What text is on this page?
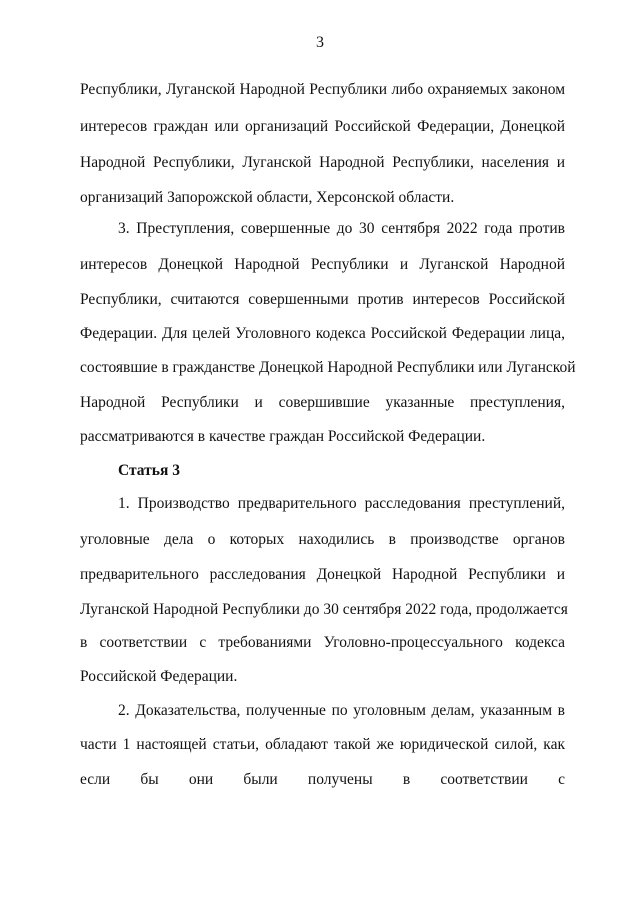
3
Республики, Луганской Народной Республики либо охраняемых законом
интересов граждан или организаций Российской Федерации, Донецкой
Народной Республики, Луганской Народной Республики, населения и
организаций Запорожской области, Херсонской области.
3. Преступления, совершенные до 30 сентября 2022 года против
интересов Донецкой Народной Республики и Луганской Народной
Республики, считаются совершенными против интересов Российской
Федерации. Для целей Уголовного кодекса Российской Федерации лица,
состоявшие в гражданстве Донецкой Народной Республики или Луганской
Народной Республики и совершившие указанные преступления,
рассматриваются в качестве граждан Российской Федерации.
Статья 3
1. Производство предварительного расследования преступлений,
уголовные дела о которых находились в производстве органов
предварительного расследования Донецкой Народной Республики и
Луганской Народной Республики до 30 сентября 2022 года, продолжается
в соответствии с требованиями Уголовно-процессуального кодекса
Российской Федерации.
2. Доказательства, полученные по уголовным делам, указанным в
части 1 настоящей статьи, обладают такой же юридической силой, как
если бы они были получены в соответствии с
